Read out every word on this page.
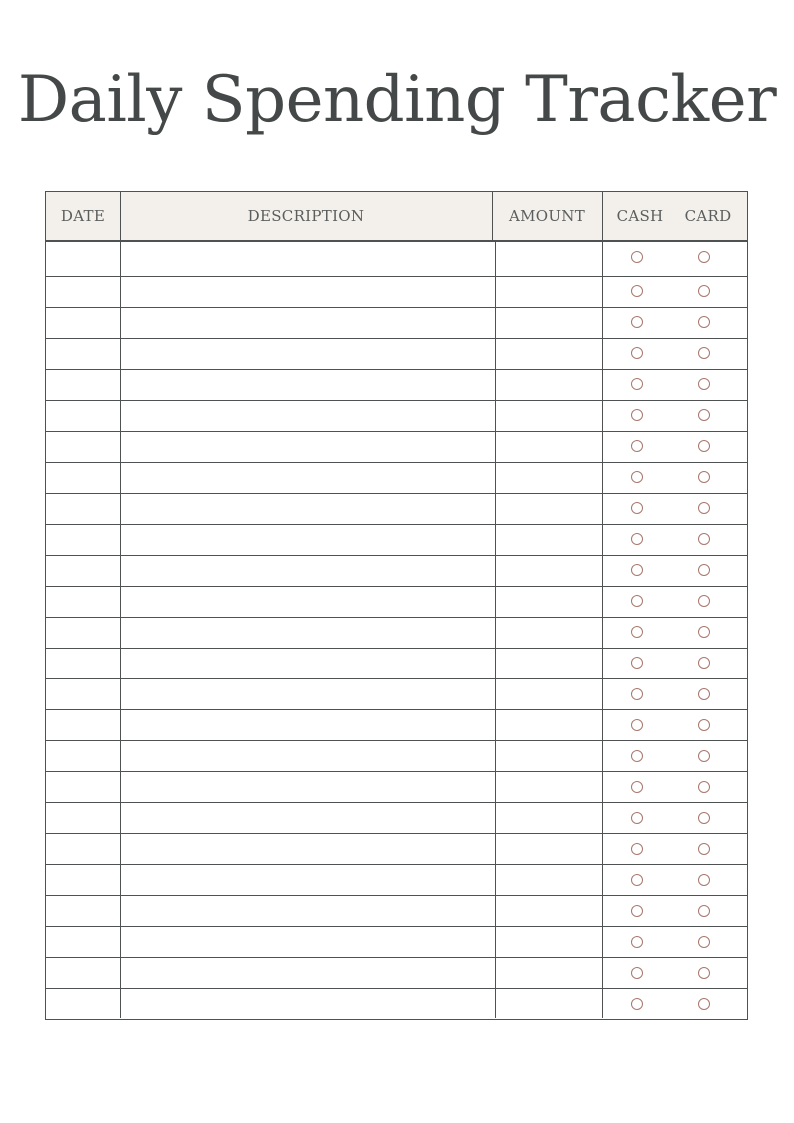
Daily Spending Tracker
DATE	DESCRIPTION	AMOUNT	CASH	CARD
